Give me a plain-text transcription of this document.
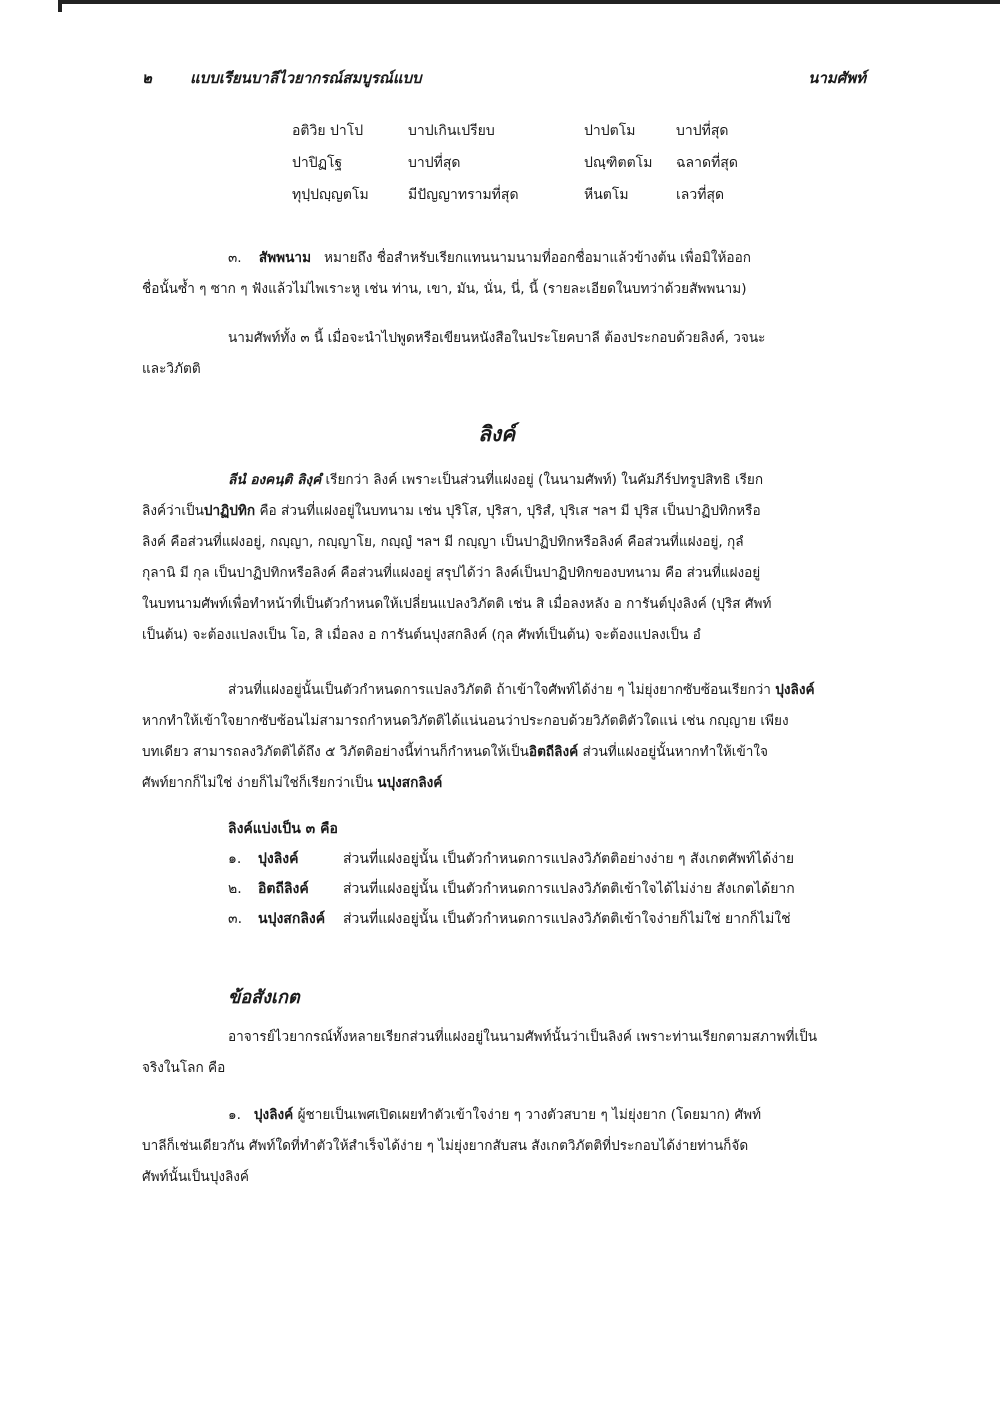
๒	แบบเรียนบาลีไวยากรณ์สมบูรณ์แบบ	นามศัพท์
อติวิย ปาโป	บาปเกินเปรียบ	ปาปตโม	บาปที่สุด
ปาปิฏโฐ	บาปที่สุด	ปณฺฑิตตโม ฉลาดที่สุด
ทุปฺปญฺญตโม	มีปัญญาทรามที่สุด	หีนตโม	เลวที่สุด
๓. สัพพนาม หมายถึง ชื่อสำหรับเรียกแทนนามนามที่ออกชื่อมาแล้วข้างต้น เพื่อมิให้ออก
ชื่อนั้นซ้ำ ๆ ซาก ๆ ฟังแล้วไม่ไพเราะหู เช่น ท่าน, เขา, มัน, นั่น, นี่, นี้ (รายละเอียดในบทว่าด้วยสัพพนาม)
นามศัพท์ทั้ง ๓ นี้ เมื่อจะนำไปพูดหรือเขียนหนังสือในประโยคบาลี ต้องประกอบด้วยลิงค์, วจนะ
และวิภัตติ
ลิงค์
ลีนํ องคนฺติ ลิงฺคํ เรียกว่า ลิงค์ เพราะเป็นส่วนที่แฝงอยู่ (ในนามศัพท์) ในคัมภีร์ปทรูปสิทธิ เรียก
ลิงค์ว่าเป็นปาฏิปทิก คือ ส่วนที่แฝงอยู่ในบทนาม เช่น ปุริโส, ปุริสา, ปุริสํ, ปุริเส ฯลฯ มี ปุริส เป็นปาฏิปทิกหรือ
ลิงค์ คือส่วนที่แฝงอยู่, กญฺญา, กญฺญาโย, กญฺญํ ฯลฯ มี กญฺญา เป็นปาฏิปทิกหรือลิงค์ คือส่วนที่แฝงอยู่, กุลํ
กุลานิ มี กุล เป็นปาฏิปทิกหรือลิงค์ คือส่วนที่แฝงอยู่ สรุปได้ว่า ลิงค์เป็นปาฏิปทิกของบทนาม คือ ส่วนที่แฝงอยู่
ในบทนามศัพท์เพื่อทำหน้าที่เป็นตัวกำหนดให้เปลี่ยนแปลงวิภัตติ เช่น สิ เมื่อลงหลัง อ การันต์ปุงลิงค์ (ปุริส ศัพท์
เป็นต้น) จะต้องแปลงเป็น โอ, สิ เมื่อลง อ การันต์นปุงสกลิงค์ (กุล ศัพท์เป็นต้น) จะต้องแปลงเป็น อํ
ส่วนที่แฝงอยู่นั้นเป็นตัวกำหนดการแปลงวิภัตติ ถ้าเข้าใจศัพท์ได้ง่าย ๆ ไม่ยุ่งยากซับซ้อนเรียกว่า ปุงลิงค์
หากทำให้เข้าใจยากซับซ้อนไม่สามารถกำหนดวิภัตติได้แน่นอนว่าประกอบด้วยวิภัตติตัวใดแน่ เช่น กญฺญาย เพียง
บทเดียว สามารถลงวิภัตติได้ถึง ๕ วิภัตติอย่างนี้ท่านก็กำหนดให้เป็นอิตถีลิงค์ ส่วนที่แฝงอยู่นั้นหากทำให้เข้าใจ
ศัพท์ยากก็ไม่ใช่ ง่ายก็ไม่ใช่ก็เรียกว่าเป็น นปุงสกลิงค์
ลิงค์แบ่งเป็น ๓ คือ
๑. ปุงลิงค์	ส่วนที่แฝงอยู่นั้น เป็นตัวกำหนดการแปลงวิภัตติอย่างง่าย ๆ สังเกตศัพท์ได้ง่าย
๒. อิตถีลิงค์ ส่วนที่แฝงอยู่นั้น เป็นตัวกำหนดการแปลงวิภัตติเข้าใจได้ไม่ง่าย สังเกตได้ยาก
๓. นปุงสกลิงค์ ส่วนที่แฝงอยู่นั้น เป็นตัวกำหนดการแปลงวิภัตติเข้าใจง่ายก็ไม่ใช่ ยากก็ไม่ใช่
ข้อสังเกต
อาจารย์ไวยากรณ์ทั้งหลายเรียกส่วนที่แฝงอยู่ในนามศัพท์นั้นว่าเป็นลิงค์ เพราะท่านเรียกตามสภาพที่เป็น
จริงในโลก คือ
๑. ปุงลิงค์ ผู้ชายเป็นเพศเปิดเผยทำตัวเข้าใจง่าย ๆ วางตัวสบาย ๆ ไม่ยุ่งยาก (โดยมาก) ศัพท์
บาลีก็เช่นเดียวกัน ศัพท์ใดที่ทำตัวให้สำเร็จได้ง่าย ๆ ไม่ยุ่งยากสับสน สังเกตวิภัตติที่ประกอบได้ง่ายท่านก็จัด
ศัพท์นั้นเป็นปุงลิงค์
